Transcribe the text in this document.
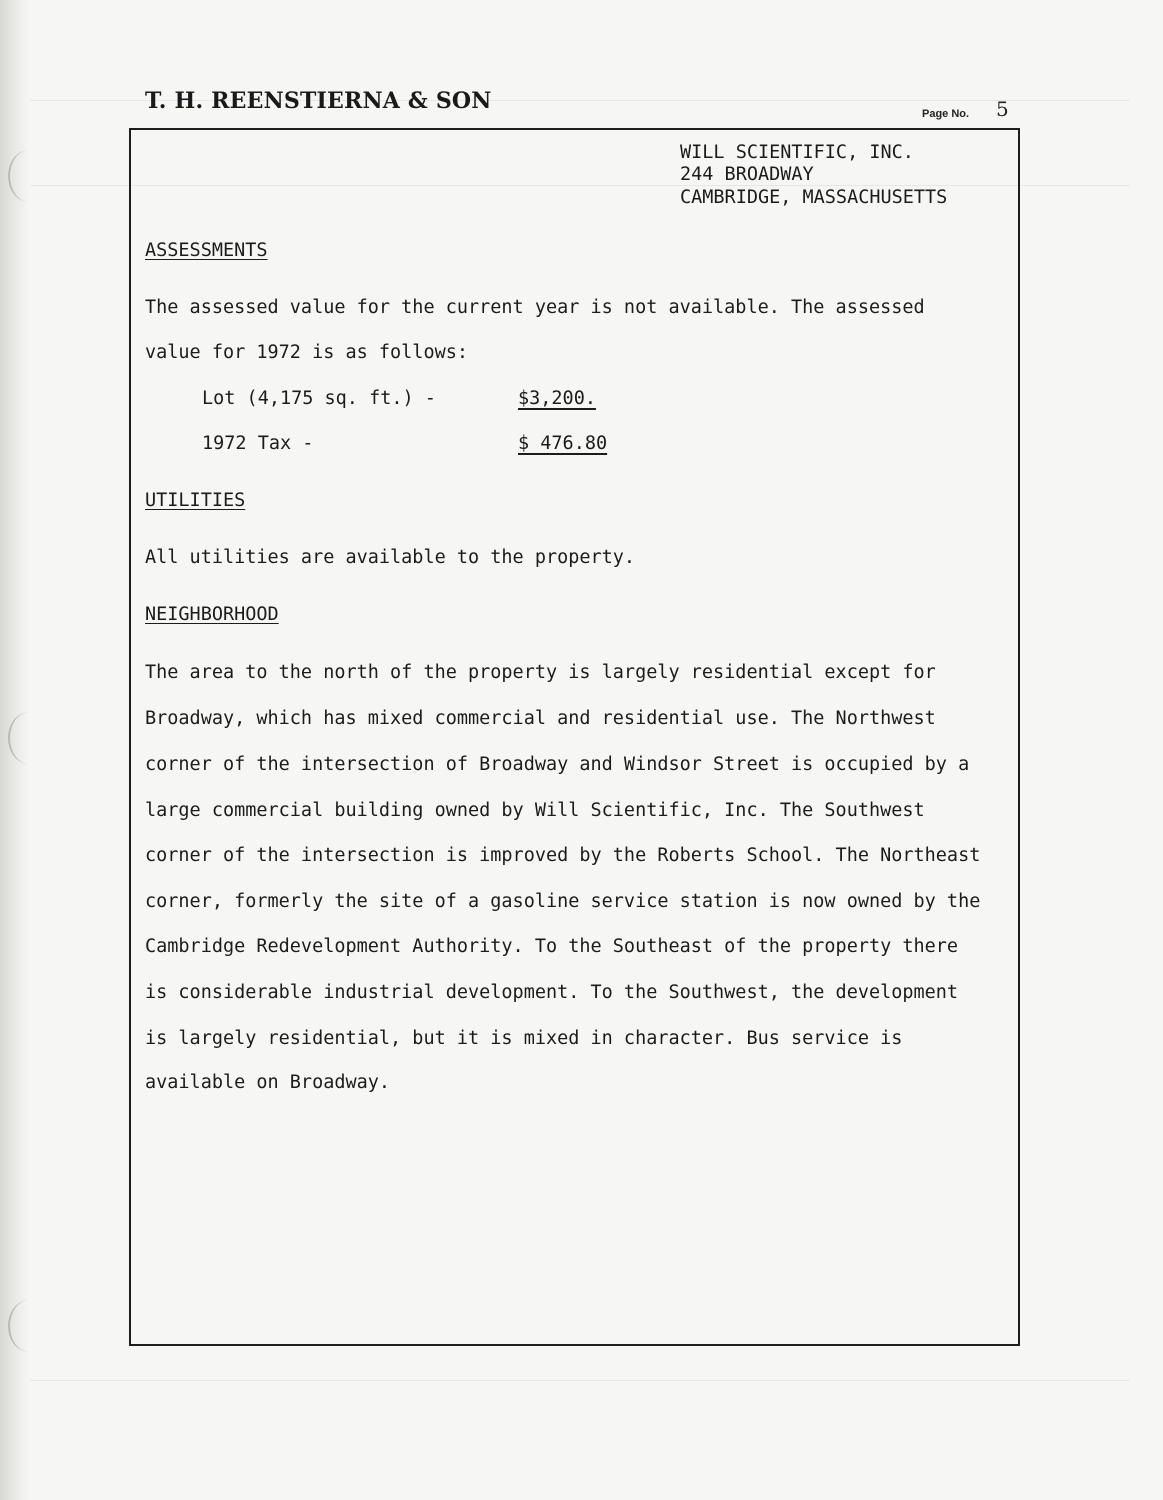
T. H. REENSTIERNA & SON	Page No. 5
WILL SCIENTIFIC, INC.
244 BROADWAY
CAMBRIDGE, MASSACHUSETTS
ASSESSMENTS
The assessed value for the current year is not available. The assessed
value for 1972 is as follows:
Lot (4,175 sq. ft.) -	$3,200.
1972 Tax -	$ 476.80
UTILITIES
All utilities are available to the property.
NEIGHBORHOOD
The area to the north of the property is largely residential except for
Broadway, which has mixed commercial and residential use. The Northwest
corner of the intersection of Broadway and Windsor Street is occupied by a
large commercial building owned by Will Scientific, Inc. The Southwest
corner of the intersection is improved by the Roberts School. The Northeast
corner, formerly the site of a gasoline service station is now owned by the
Cambridge Redevelopment Authority. To the Southeast of the property there
is considerable industrial development. To the Southwest, the development
is largely residential, but it is mixed in character. Bus service is
available on Broadway.
